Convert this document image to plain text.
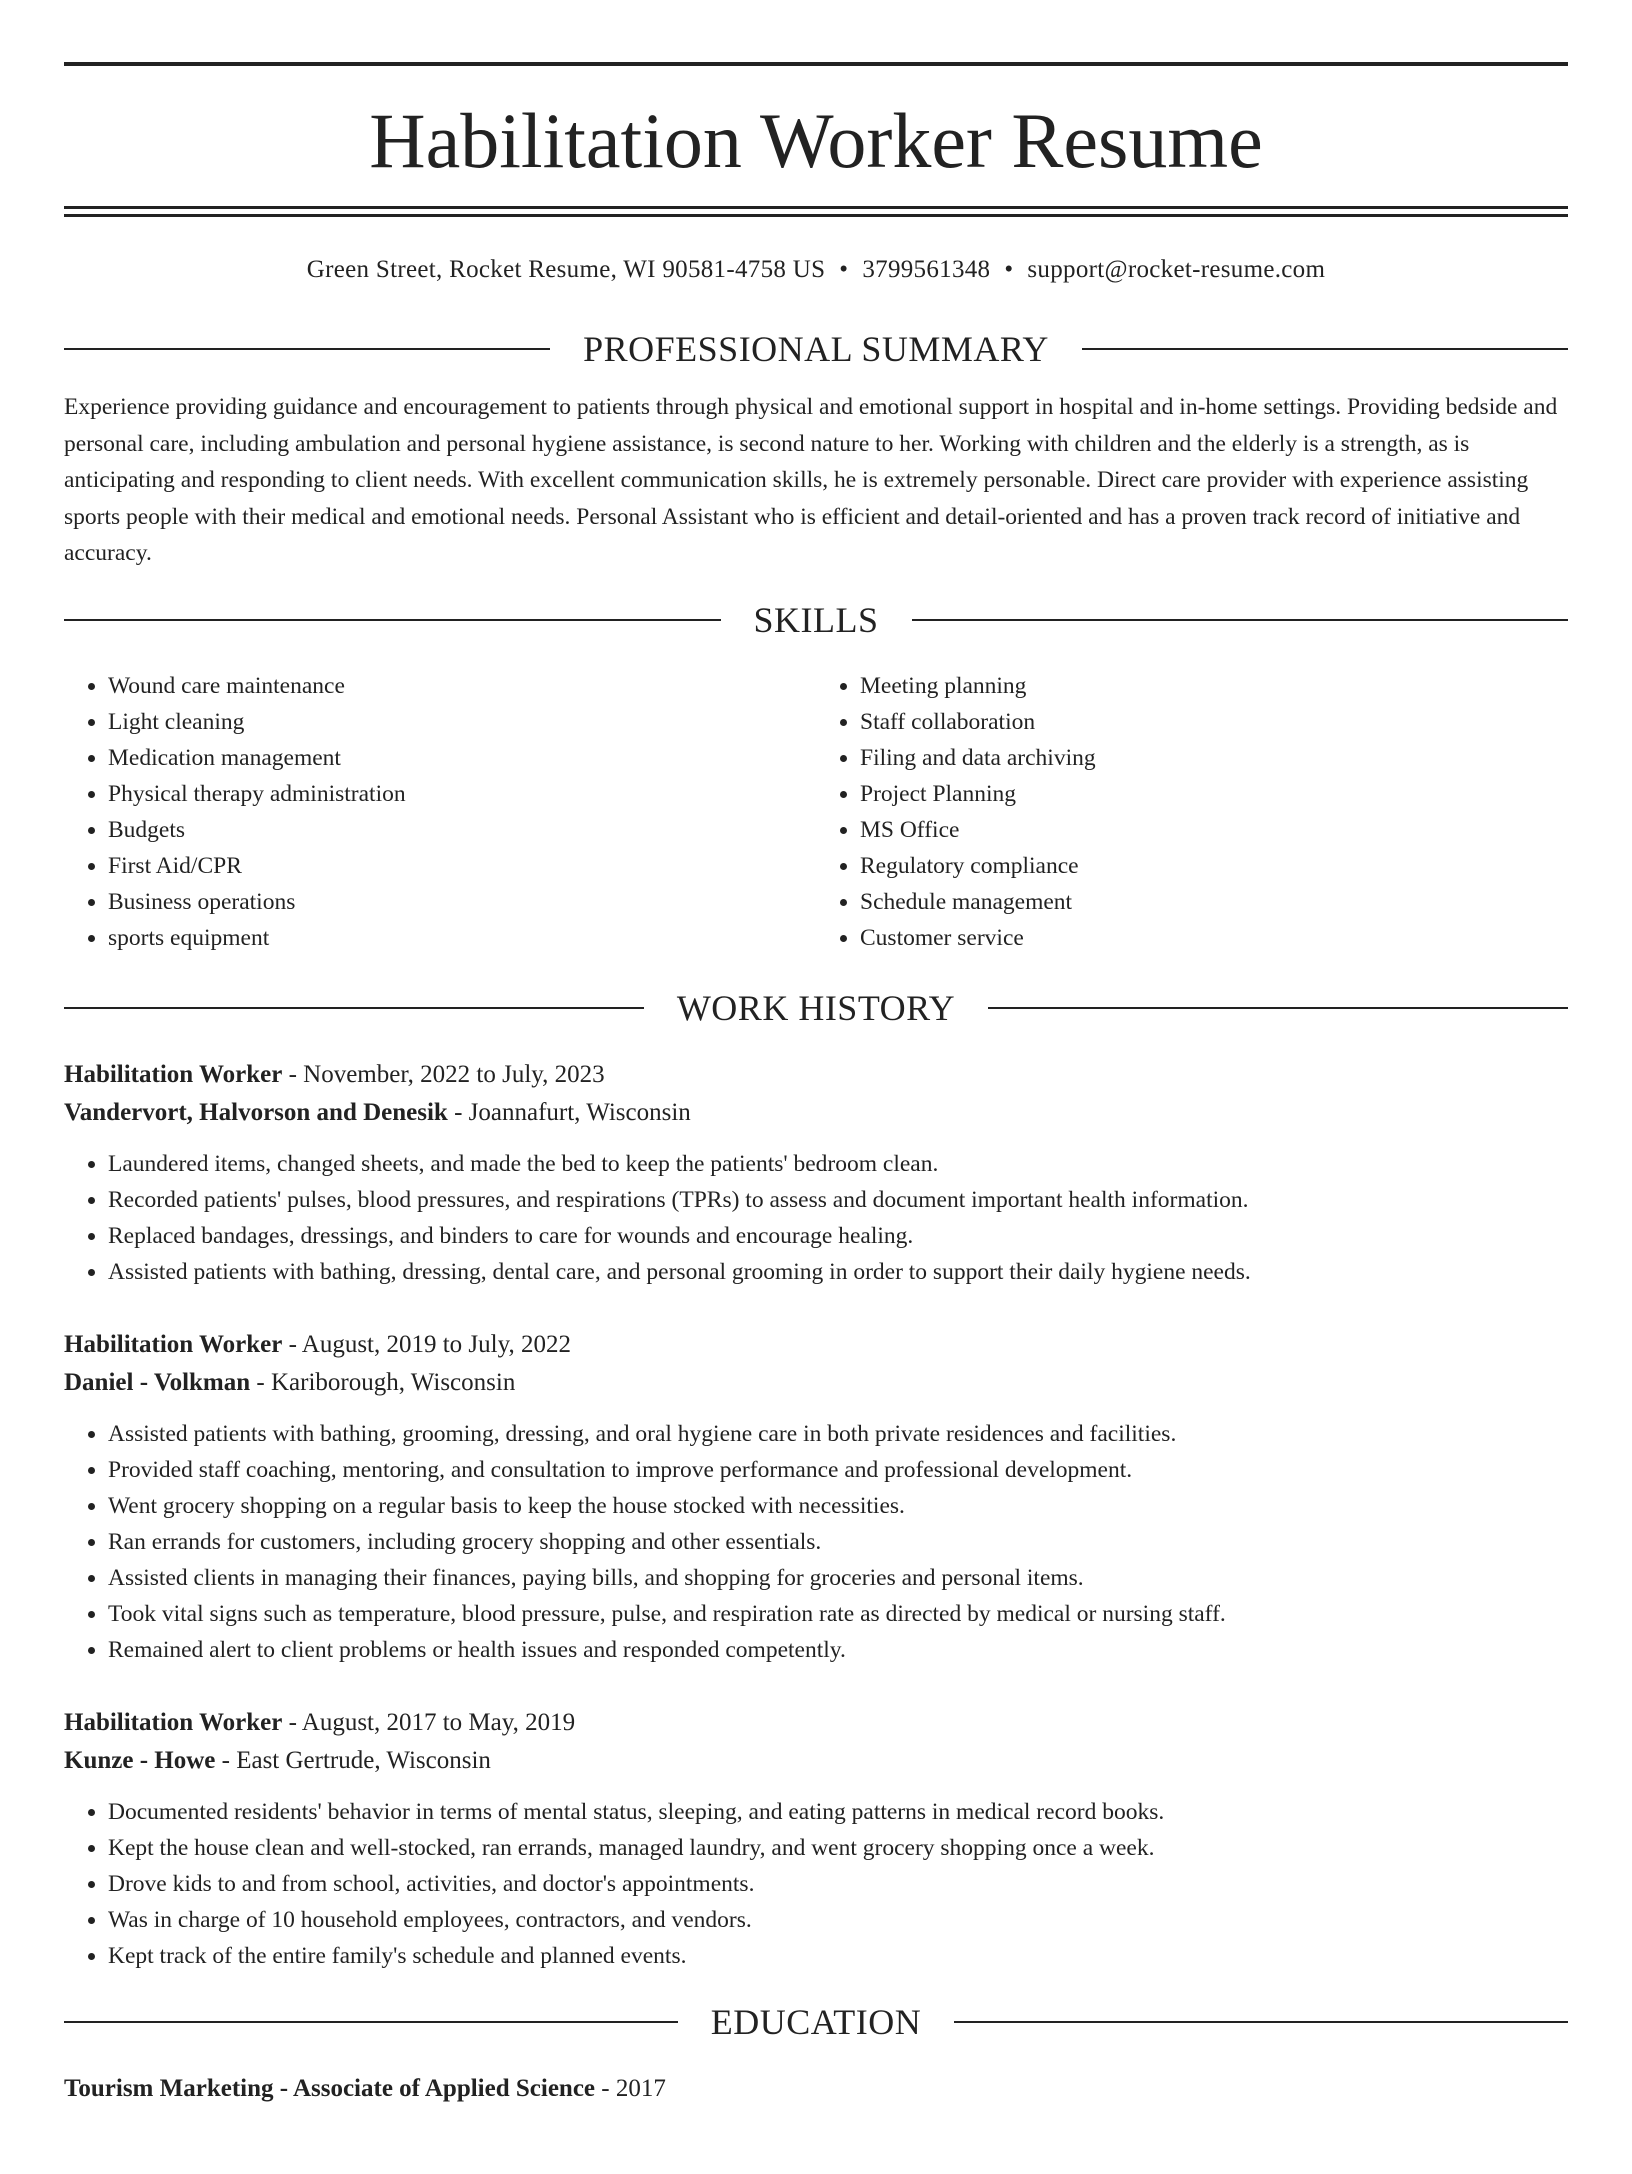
Habilitation Worker Resume
Green Street, Rocket Resume, WI 90581-4758 US • 3799561348 • support@rocket-resume.com
PROFESSIONAL SUMMARY

Experience providing guidance and encouragement to patients through physical and emotional support in hospital and in-home settings. Providing bedside and personal care, including ambulation and personal hygiene assistance, is second nature to her. Working with children and the elderly is a strength, as is anticipating and responding to client needs. With excellent communication skills, he is extremely personable. Direct care provider with experience assisting sports people with their medical and emotional needs. Personal Assistant who is efficient and detail-oriented and has a proven track record of initiative and accuracy.

SKILLS
• Wound care maintenance
• Light cleaning
• Medication management
• Physical therapy administration
• Budgets
• First Aid/CPR
• Business operations
• sports equipment
• Meeting planning
• Staff collaboration
• Filing and data archiving
• Project Planning
• MS Office
• Regulatory compliance
• Schedule management
• Customer service
WORK HISTORY
Habilitation Worker - November, 2022 to July, 2023
Vandervort, Halvorson and Denesik - Joannafurt, Wisconsin
• Laundered items, changed sheets, and made the bed to keep the patients' bedroom clean.
• Recorded patients' pulses, blood pressures, and respirations (TPRs) to assess and document important health information.
• Replaced bandages, dressings, and binders to care for wounds and encourage healing.
• Assisted patients with bathing, dressing, dental care, and personal grooming in order to support their daily hygiene needs.
Habilitation Worker - August, 2019 to July, 2022
Daniel - Volkman - Kariborough, Wisconsin
• Assisted patients with bathing, grooming, dressing, and oral hygiene care in both private residences and facilities.
• Provided staff coaching, mentoring, and consultation to improve performance and professional development.
• Went grocery shopping on a regular basis to keep the house stocked with necessities.
• Ran errands for customers, including grocery shopping and other essentials.
• Assisted clients in managing their finances, paying bills, and shopping for groceries and personal items.
• Took vital signs such as temperature, blood pressure, pulse, and respiration rate as directed by medical or nursing staff.
• Remained alert to client problems or health issues and responded competently.
Habilitation Worker - August, 2017 to May, 2019
Kunze - Howe - East Gertrude, Wisconsin
• Documented residents' behavior in terms of mental status, sleeping, and eating patterns in medical record books.
• Kept the house clean and well-stocked, ran errands, managed laundry, and went grocery shopping once a week.
• Drove kids to and from school, activities, and doctor's appointments.
• Was in charge of 10 household employees, contractors, and vendors.
• Kept track of the entire family's schedule and planned events.
EDUCATION
Tourism Marketing - Associate of Applied Science - 2017
